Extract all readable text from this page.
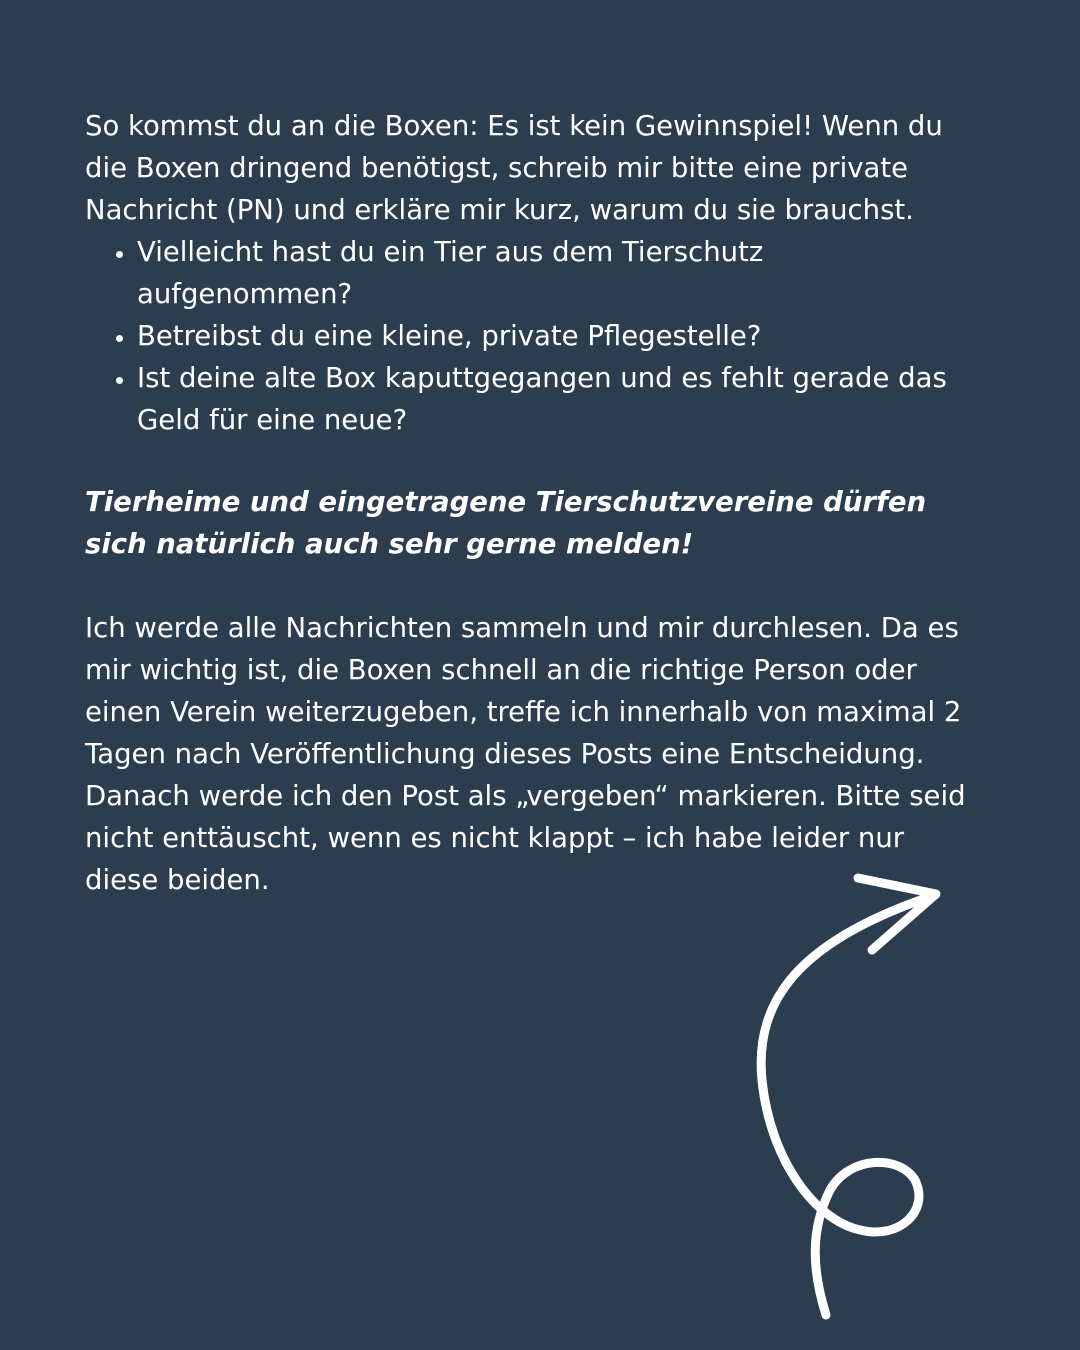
So kommst du an die Boxen: Es ist kein Gewinnspiel! Wenn du die Boxen dringend benötigst, schreib mir bitte eine private Nachricht (PN) und erkläre mir kurz, warum du sie brauchst.

• Vielleicht hast du ein Tier aus dem Tierschutz aufgenommen?
• Betreibst du eine kleine, private Pflegestelle?
• Ist deine alte Box kaputtgegangen und es fehlt gerade das Geld für eine neue?

Tierheime und eingetragene Tierschutzvereine dürfen sich natürlich auch sehr gerne melden!

Ich werde alle Nachrichten sammeln und mir durchlesen. Da es mir wichtig ist, die Boxen schnell an die richtige Person oder einen Verein weiterzugeben, treffe ich innerhalb von maximal 2 Tagen nach Veröffentlichung dieses Posts eine Entscheidung. Danach werde ich den Post als „vergeben“ markieren. Bitte seid nicht enttäuscht, wenn es nicht klappt – ich habe leider nur diese beiden.
